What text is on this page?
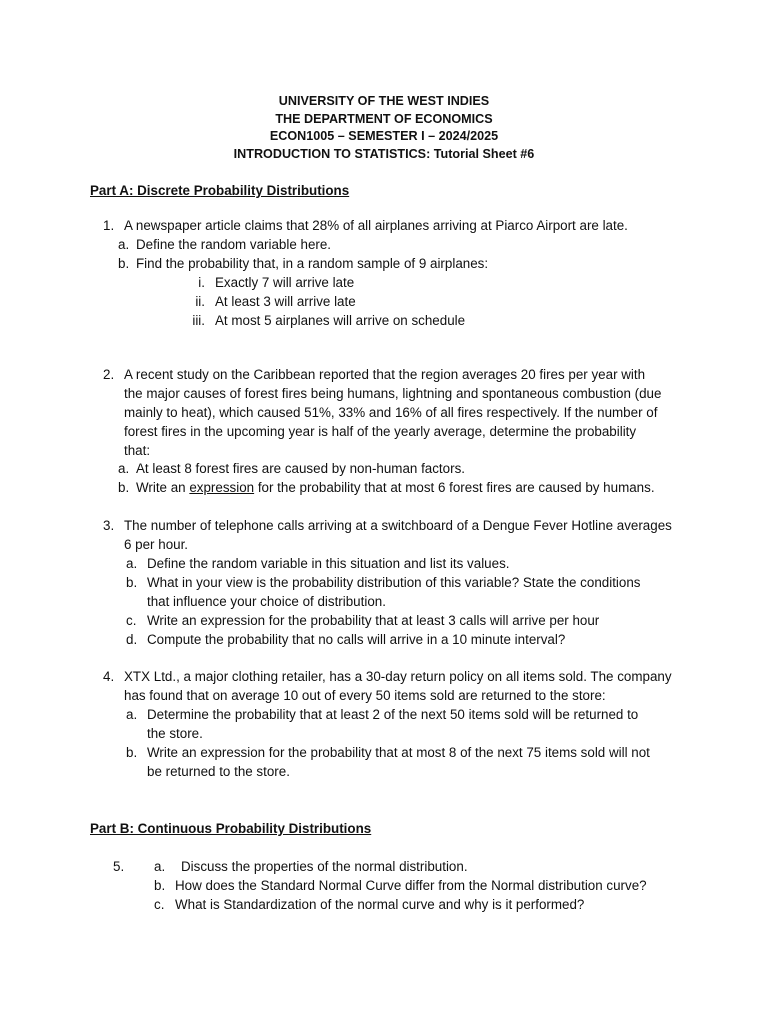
UNIVERSITY OF THE WEST INDIES
THE DEPARTMENT OF ECONOMICS
ECON1005 – SEMESTER I – 2024/2025
INTRODUCTION TO STATISTICS: Tutorial Sheet #6
Part A: Discrete Probability Distributions
1. A newspaper article claims that 28% of all airplanes arriving at Piarco Airport are late.
a. Define the random variable here.
b. Find the probability that, in a random sample of 9 airplanes:
i. Exactly 7 will arrive late
ii. At least 3 will arrive late
iii. At most 5 airplanes will arrive on schedule
2. A recent study on the Caribbean reported that the region averages 20 fires per year with
the major causes of forest fires being humans, lightning and spontaneous combustion (due
mainly to heat), which caused 51%, 33% and 16% of all fires respectively. If the number of
forest fires in the upcoming year is half of the yearly average, determine the probability
that:
a. At least 8 forest fires are caused by non-human factors.
b. Write an expression for the probability that at most 6 forest fires are caused by humans.
3. The number of telephone calls arriving at a switchboard of a Dengue Fever Hotline averages
6 per hour.
a. Define the random variable in this situation and list its values.
b. What in your view is the probability distribution of this variable? State the conditions
that influence your choice of distribution.
c. Write an expression for the probability that at least 3 calls will arrive per hour
d. Compute the probability that no calls will arrive in a 10 minute interval?
4. XTX Ltd., a major clothing retailer, has a 30-day return policy on all items sold. The company
has found that on average 10 out of every 50 items sold are returned to the store:
a. Determine the probability that at least 2 of the next 50 items sold will be returned to
the store.
b. Write an expression for the probability that at most 8 of the next 75 items sold will not
be returned to the store.
Part B: Continuous Probability Distributions
5. a. Discuss the properties of the normal distribution.
b. How does the Standard Normal Curve differ from the Normal distribution curve?
c. What is Standardization of the normal curve and why is it performed?
